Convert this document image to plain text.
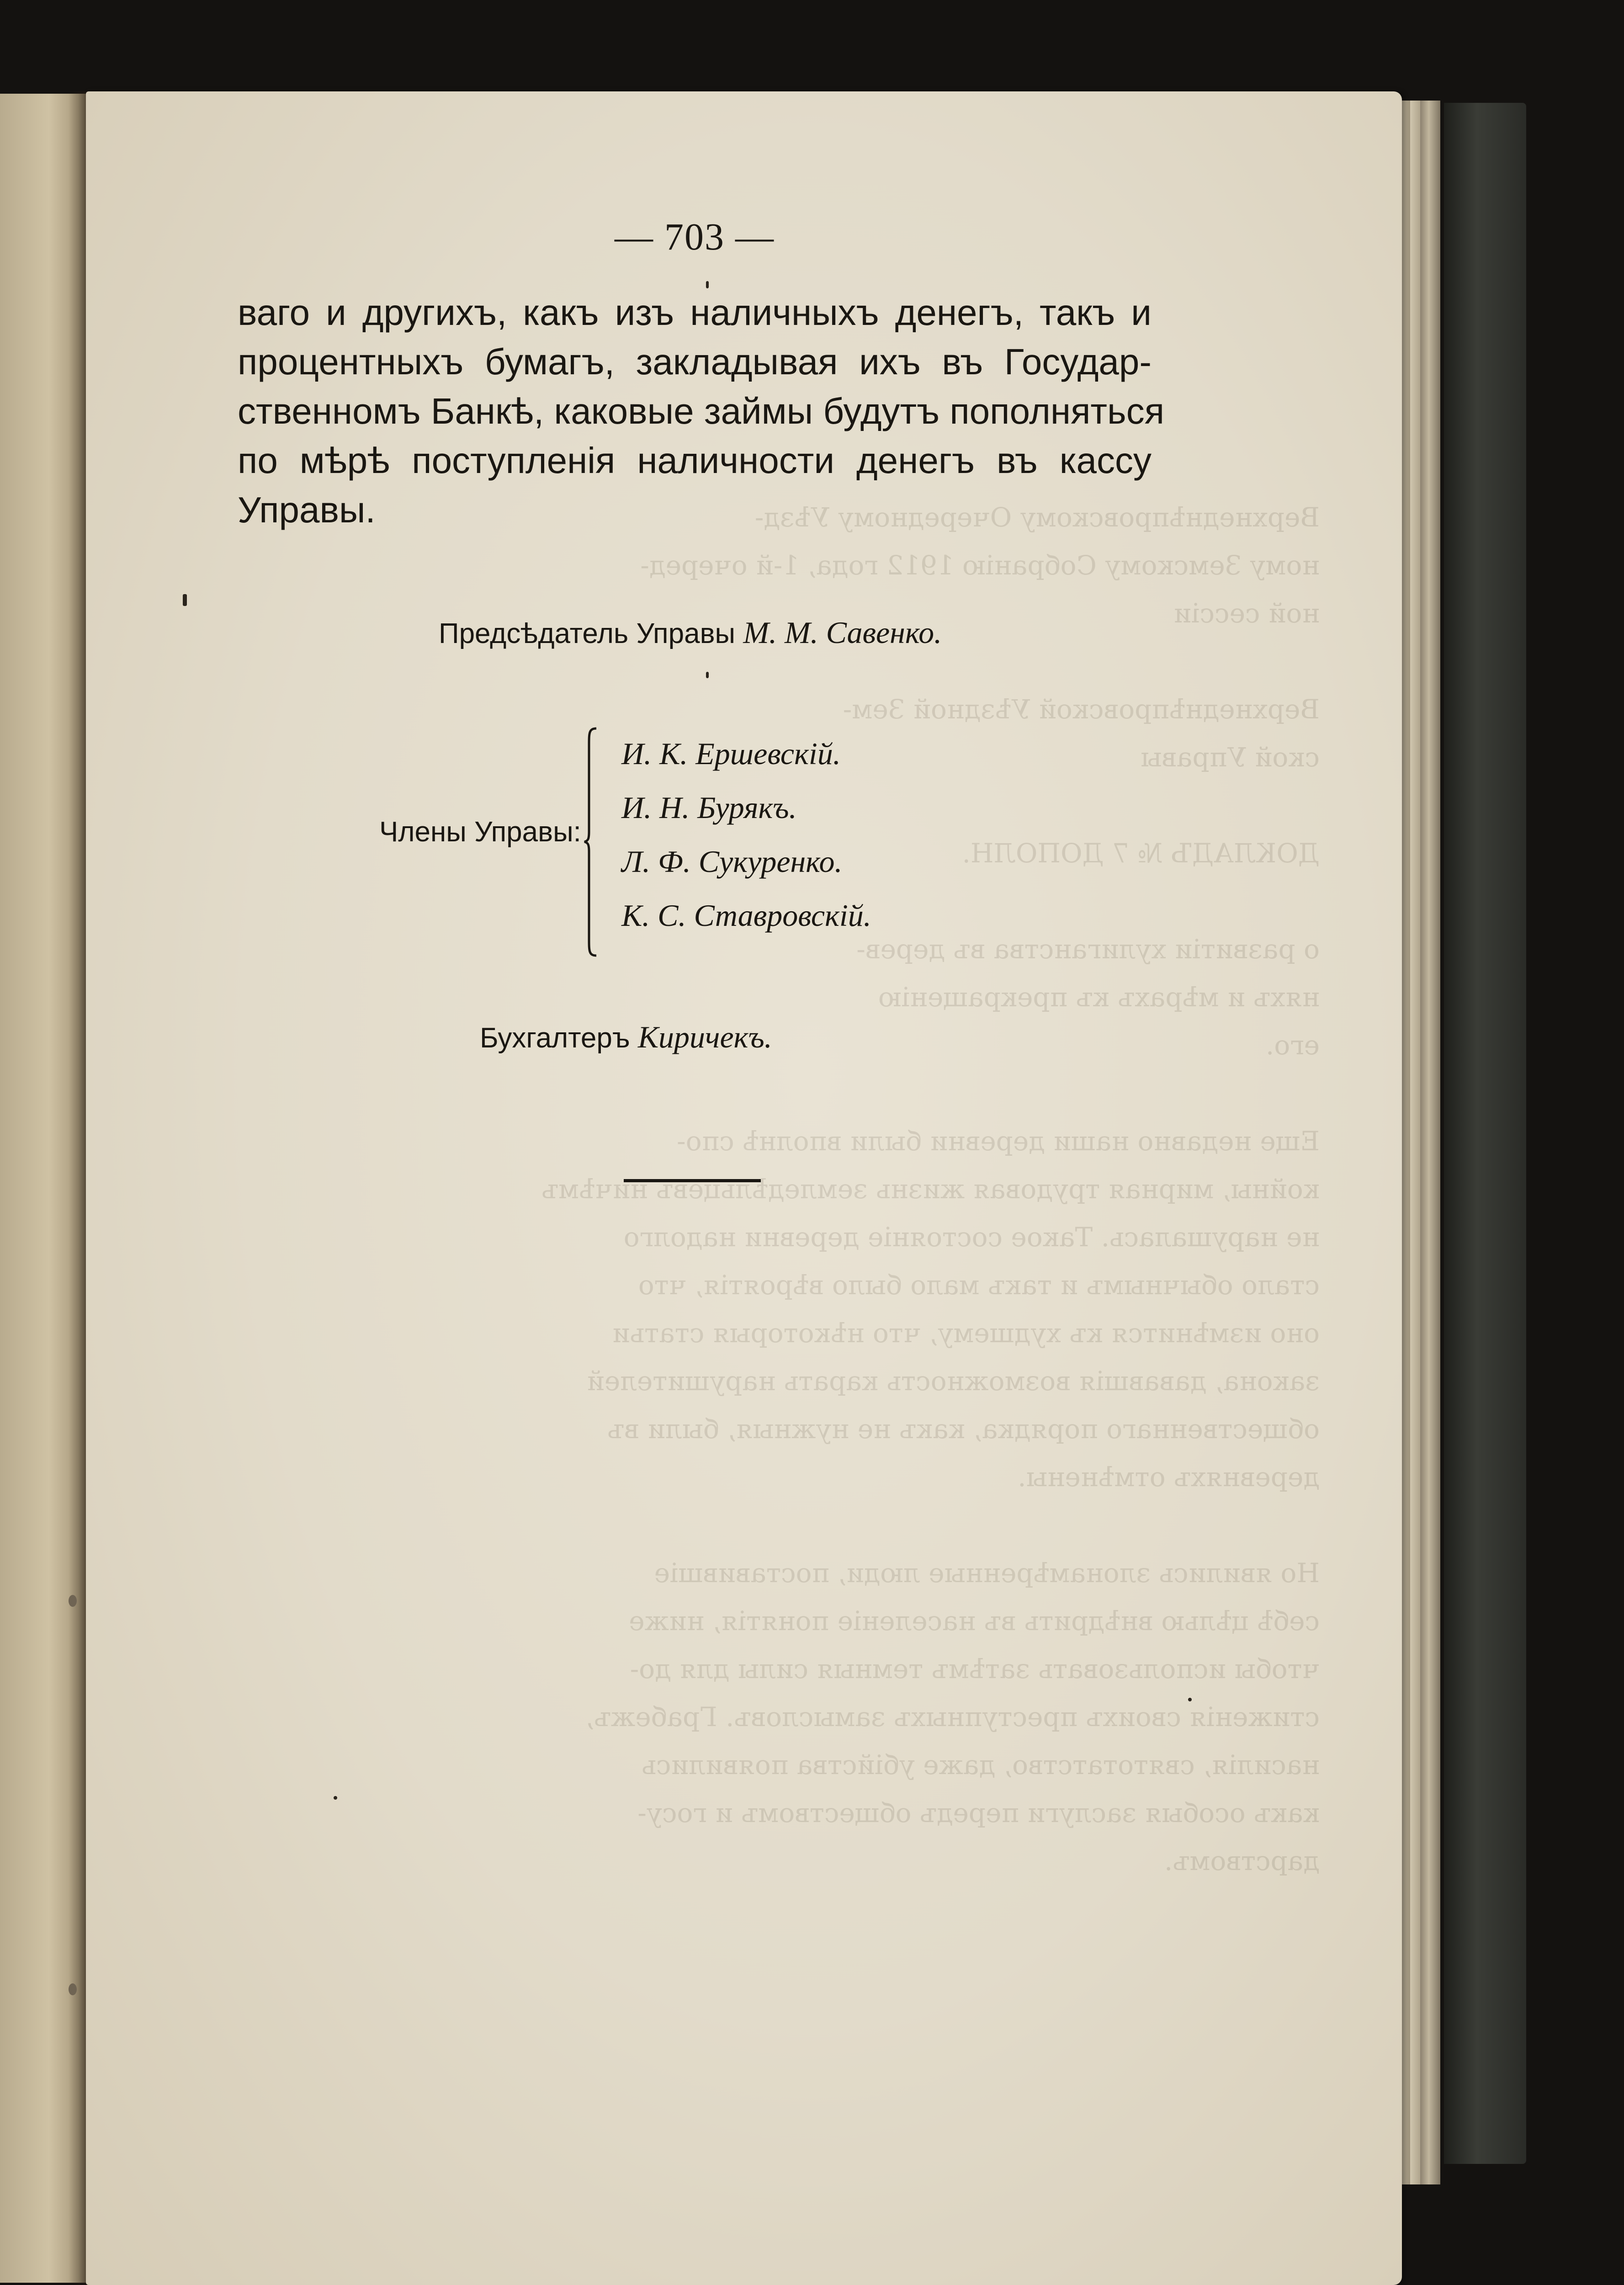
Верхнеднѣпровскому Очередному Уѣзд-
ному Земскому Собранію 1912 года, 1-й очеред-
ной сессіи

Верхнеднѣпровской Уѣздной Зем-
ской Управы

ДОКЛАДЪ № 7 ДОПОЛН.

о развитіи хулиганства въ дерев-
няхъ и мѣрахъ къ прекращенію
его.

Еще недавно наши деревни были вполнѣ спо-
койны, мирная трудовая жизнь земледѣльцевъ ничѣмъ
не нарушалась. Такое состояніе деревни надолго
стало обычнымъ и такъ мало было вѣроятія, что
оно измѣнится къ худшему, что нѣкоторыя статьи
закона, дававшія возможность карать нарушителей
общественнаго порядка, какъ не нужныя, были въ
деревняхъ отмѣнены.

Но явились злонамѣренные люди, поставившіе
себѣ цѣлью внѣдрить въ населеніе понятія, ниже
чтобы использовать затѣмъ темныя силы для до-
стиженія своихъ преступныхъ замысловъ. Грабежъ,
насилія, святотатство, даже убійства появились
какъ особыя заслуги передъ обществомъ и госу-
дарствомъ.
— 703 —
ваго и другихъ, какъ изъ наличныхъ денегъ, такъ и
процентныхъ бумагъ, закладывая ихъ въ Государ-
ственномъ Банкѣ, каковые займы будутъ пополняться
по мѣрѣ поступленія наличности денегъ въ кассу
Управы.
Предсѣдатель Управы М. М. Савенко.
Члены Управы:
И. К. Ершевскій.
И. Н. Бурякъ.
Л. Ф. Сукуренко.
К. С. Ставровскій.
Бухгалтеръ Киричекъ.
